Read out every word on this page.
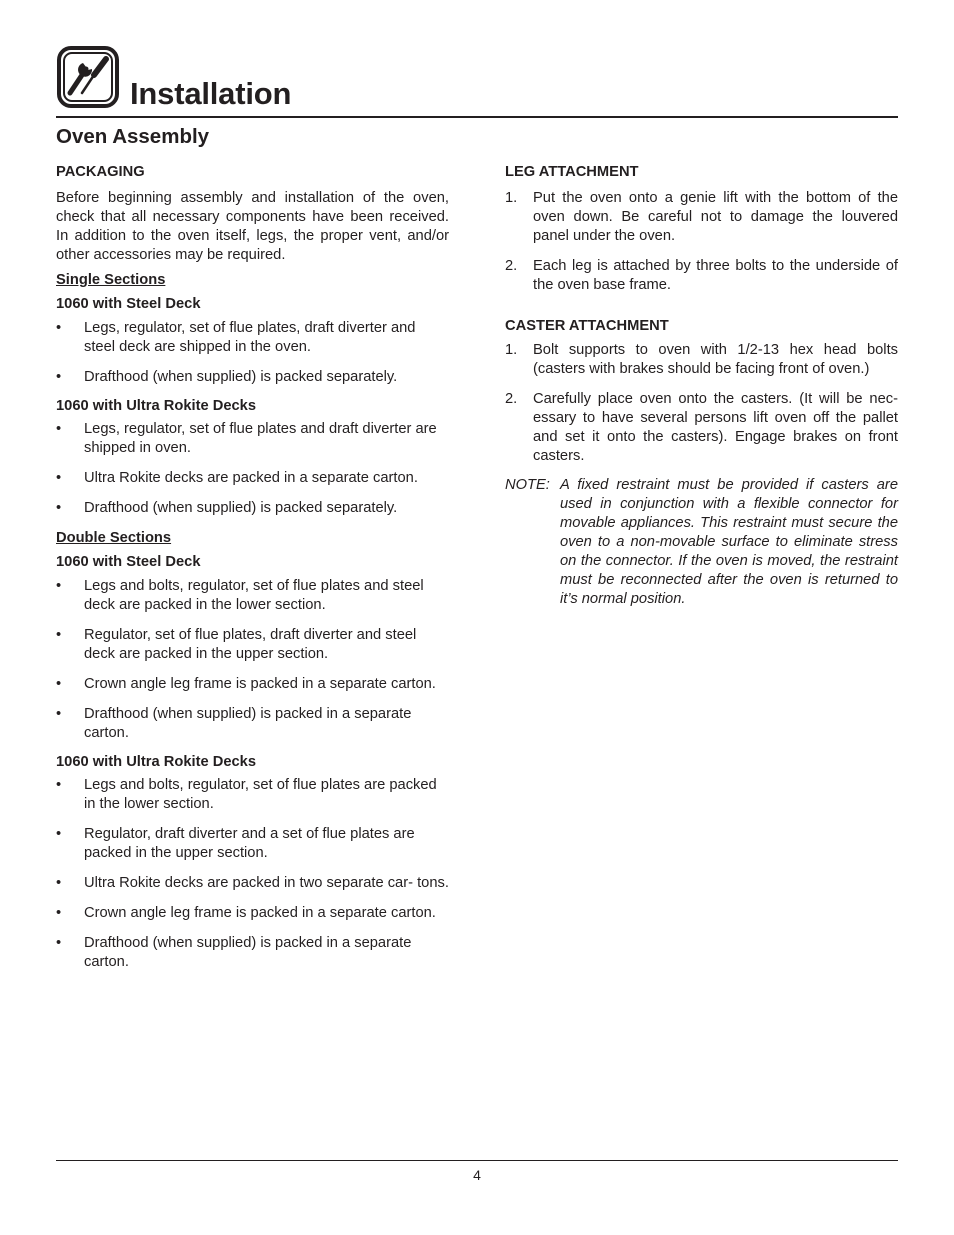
Installation
Oven Assembly
PACKAGING

Before beginning assembly and installation of the oven, check that all necessary components have been received. In addition to the oven itself, legs, the proper vent, and/or other accessories may be required.

Single Sections
1060 with Steel Deck
• Legs, regulator, set of flue plates, draft diverter and steel deck are shipped in the oven.
• Drafthood (when supplied) is packed separately.
1060 with Ultra Rokite Decks
• Legs, regulator, set of flue plates and draft diverter are shipped in oven.
• Ultra Rokite decks are packed in a separate carton.
• Drafthood (when supplied) is packed separately.
Double Sections
1060 with Steel Deck
• Legs and bolts, regulator, set of flue plates and steel deck are packed in the lower section.
• Regulator, set of flue plates, draft diverter and steel deck are packed in the upper section.
• Crown angle leg frame is packed in a separate carton.
• Drafthood (when supplied) is packed in a separate carton.
1060 with Ultra Rokite Decks
• Legs and bolts, regulator, set of flue plates are packed in the lower section.
• Regulator, draft diverter and a set of flue plates are packed in the upper section.
• Ultra Rokite decks are packed in two separate car- tons.
• Crown angle leg frame is packed in a separate carton.
• Drafthood (when supplied) is packed in a separate carton.
LEG ATTACHMENT
1. Put the oven onto a genie lift with the bottom of the oven down. Be careful not to damage the louvered panel under the oven.
2. Each leg is attached by three bolts to the underside of the oven base frame.
CASTER ATTACHMENT
1. Bolt supports to oven with 1/2-13 hex head bolts (casters with brakes should be facing front of oven.)
2. Carefully place oven onto the casters. (It will be nec- essary to have several persons lift oven off the pallet and set it onto the casters). Engage brakes on front casters.
NOTE: A fixed restraint must be provided if casters are used in conjunction with a flexible connector for movable appliances. This restraint must secure the oven to a non-movable surface to eliminate stress on the connector. If the oven is moved, the restraint must be reconnected after the oven is returned to it’s normal position.
4
